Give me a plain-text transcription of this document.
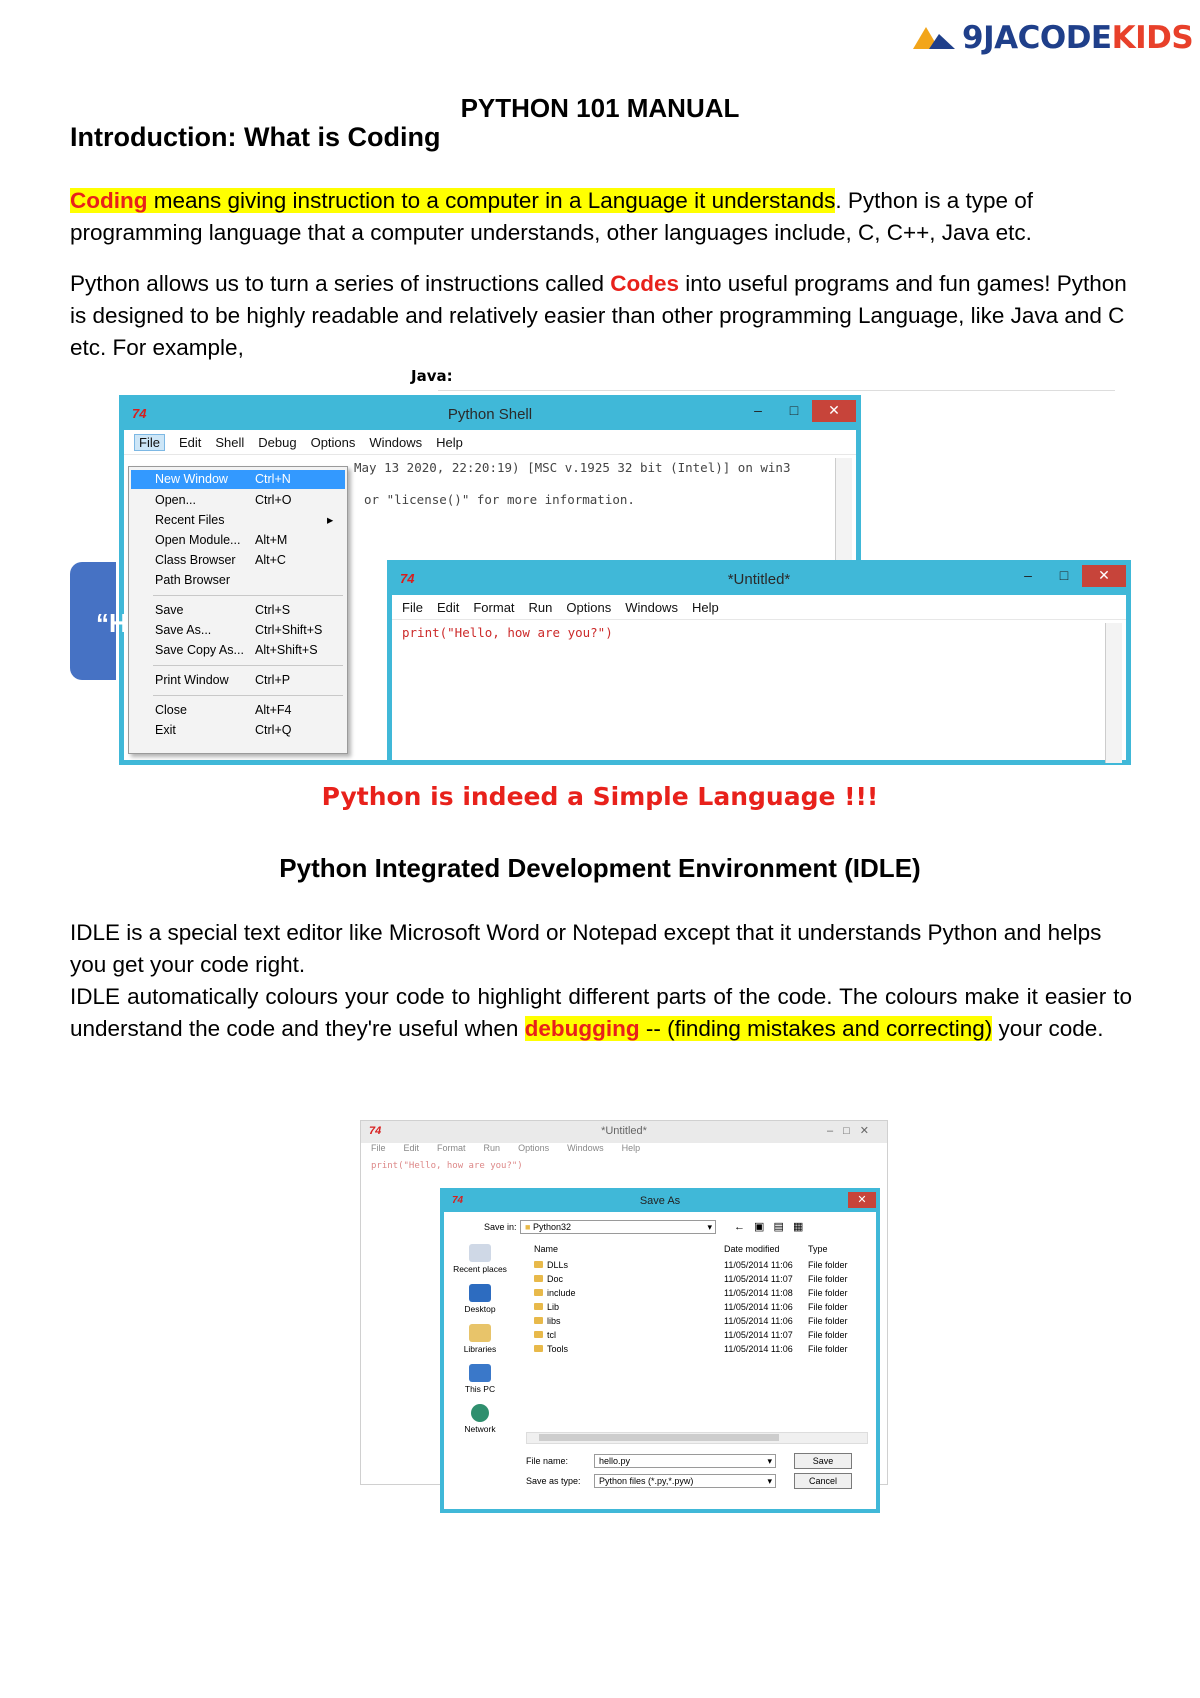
9JACODEKIDS
PYTHON 101 MANUAL
Introduction: What is Coding

Coding means giving instruction to a computer in a Language it understands. Python is a type of programming language that a computer understands, other languages include, C, C++, Java etc.

Python allows us to turn a series of instructions called Codes into useful programs and fun games! Python is designed to be highly readable and relatively easier than other programming Language, like Java and C etc. For example,

Java:
74	Python Shell	–	□	✕
File	Edit Shell Debug Options Windows Help
May 13 2020, 22:20:19) [MSC v.1925 32 bit (Intel)] on win3
or "license()" for more information.
New Window Ctrl+N
Open...	Ctrl+O
Recent Files	▸
Open Module... Alt+M
Class Browser Alt+C
Path Browser
Save	Ctrl+S
Save As...	Ctrl+Shift+S
Save Copy As... Alt+Shift+S
Print Window Ctrl+P
Close	Alt+F4
Exit	Ctrl+Q
“H
74	*Untitled*	–	□	✕
File Edit Format Run Options Windows Help
print("Hello, how are you?")
Python is indeed a Simple Language !!!
Python Integrated Development Environment (IDLE)

IDLE is a special text editor like Microsoft Word or Notepad except that it understands Python and helps you get your code right.

IDLE automatically colours your code to highlight different parts of the code. The colours make it easier to understand the code and they're useful when debugging -- (finding mistakes and correcting) your code.

74	*Untitled*	–□✕
File Edit Format Run Options Windows Help
print("Hello, how are you?")
74	Save As	✕
Save in: ■ Python32	▾ ← ▣ ▤ ▦
Name	Date modified	Type
Recent places
Desktop
Libraries
This PC
Network
DLLs	11/05/2014 11:06 File folder
Doc	11/05/2014 11:07 File folder
include	11/05/2014 11:08 File folder
Lib	11/05/2014 11:06 File folder
libs	11/05/2014 11:06 File folder
tcl	11/05/2014 11:07 File folder
Tools	11/05/2014 11:06 File folder
File name:	hello.py	▾
Save as type:	Python files (*.py,*.pyw)	▾
Save
Cancel
